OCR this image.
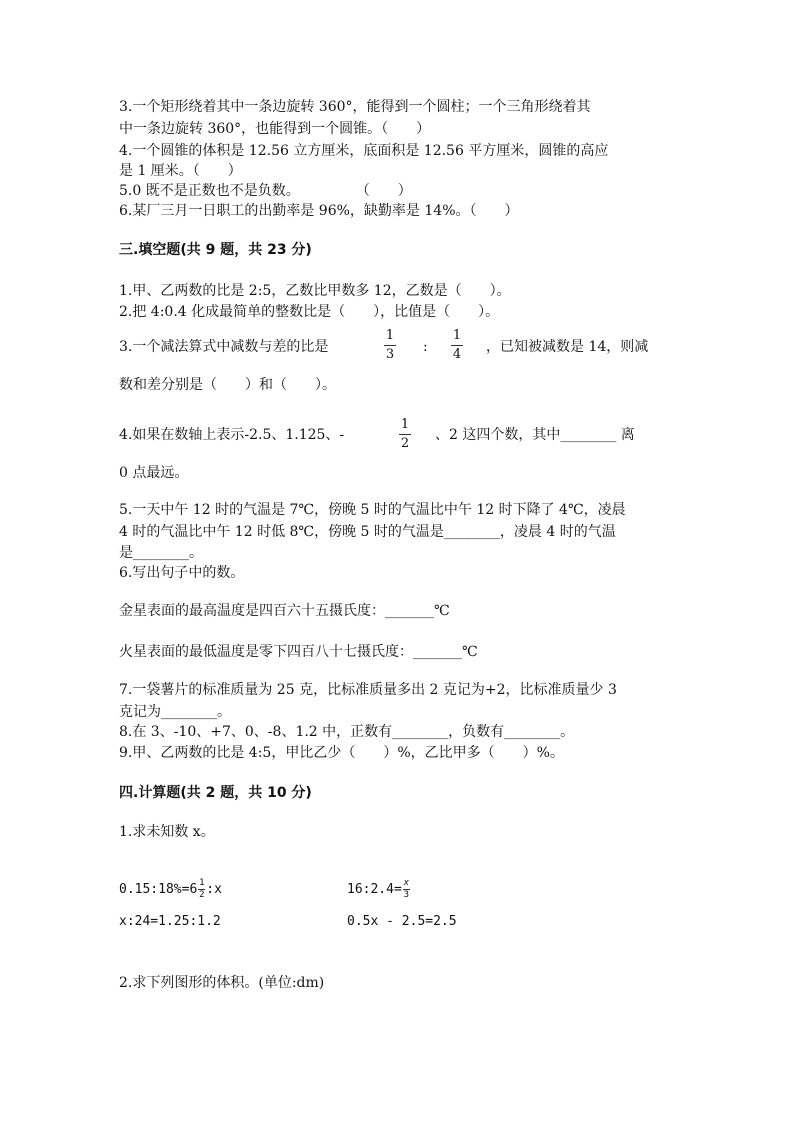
3.一个矩形绕着其中一条边旋转 360°，能得到一个圆柱；一个三角形绕着其
中一条边旋转 360°，也能得到一个圆锥。（　　）
4.一个圆锥的体积是 12.56 立方厘米，底面积是 12.56 平方厘米，圆锥的高应
是 1 厘米。（　　）
5.0 既不是正数也不是负数。　　　　　（　　）
6.某厂三月一日职工的出勤率是 96%，缺勤率是 14%。（　　）
三.填空题(共 9 题，共 23 分)
1.甲、乙两数的比是 2:5，乙数比甲数多 12，乙数是（　　）。
2.把 4:0.4 化成最简单的整数比是（　　），比值是（　　）。
3.一个减法算式中减数与差的比是
1
3 :
1
4 ，已知被减数是 14，则减
数和差分别是（　　）和（　　）。
4.如果在数轴上表示-2.5、1.125、-
1
2
、2 这四个数，其中________ 离
0 点最远。
5.一天中午 12 时的气温是 7℃，傍晚 5 时的气温比中午 12 时下降了 4℃，凌晨
4 时的气温比中午 12 时低 8℃，傍晚 5 时的气温是________，凌晨 4 时的气温
是________。
6.写出句子中的数。
金星表面的最高温度是四百六十五摄氏度：_______℃
火星表面的最低温度是零下四百八十七摄氏度：_______℃
7.一袋薯片的标准质量为 25 克，比标准质量多出 2 克记为+2，比标准质量少 3
克记为________。
8.在 3、-10、+7、0、-8、1.2 中，正数有________，负数有________。
9.甲、乙两数的比是 4:5，甲比乙少（　　）%，乙比甲多（　　）%。
四.计算题(共 2 题，共 10 分)
1.求未知数 x。
0.15:18%=6 $\frac{1}{2}$ :x	16:2.4= $\frac{x}{3}$
x:24=1.25:1.2	0.5x - 2.5=2.5
2.求下列图形的体积。(单位:dm)
